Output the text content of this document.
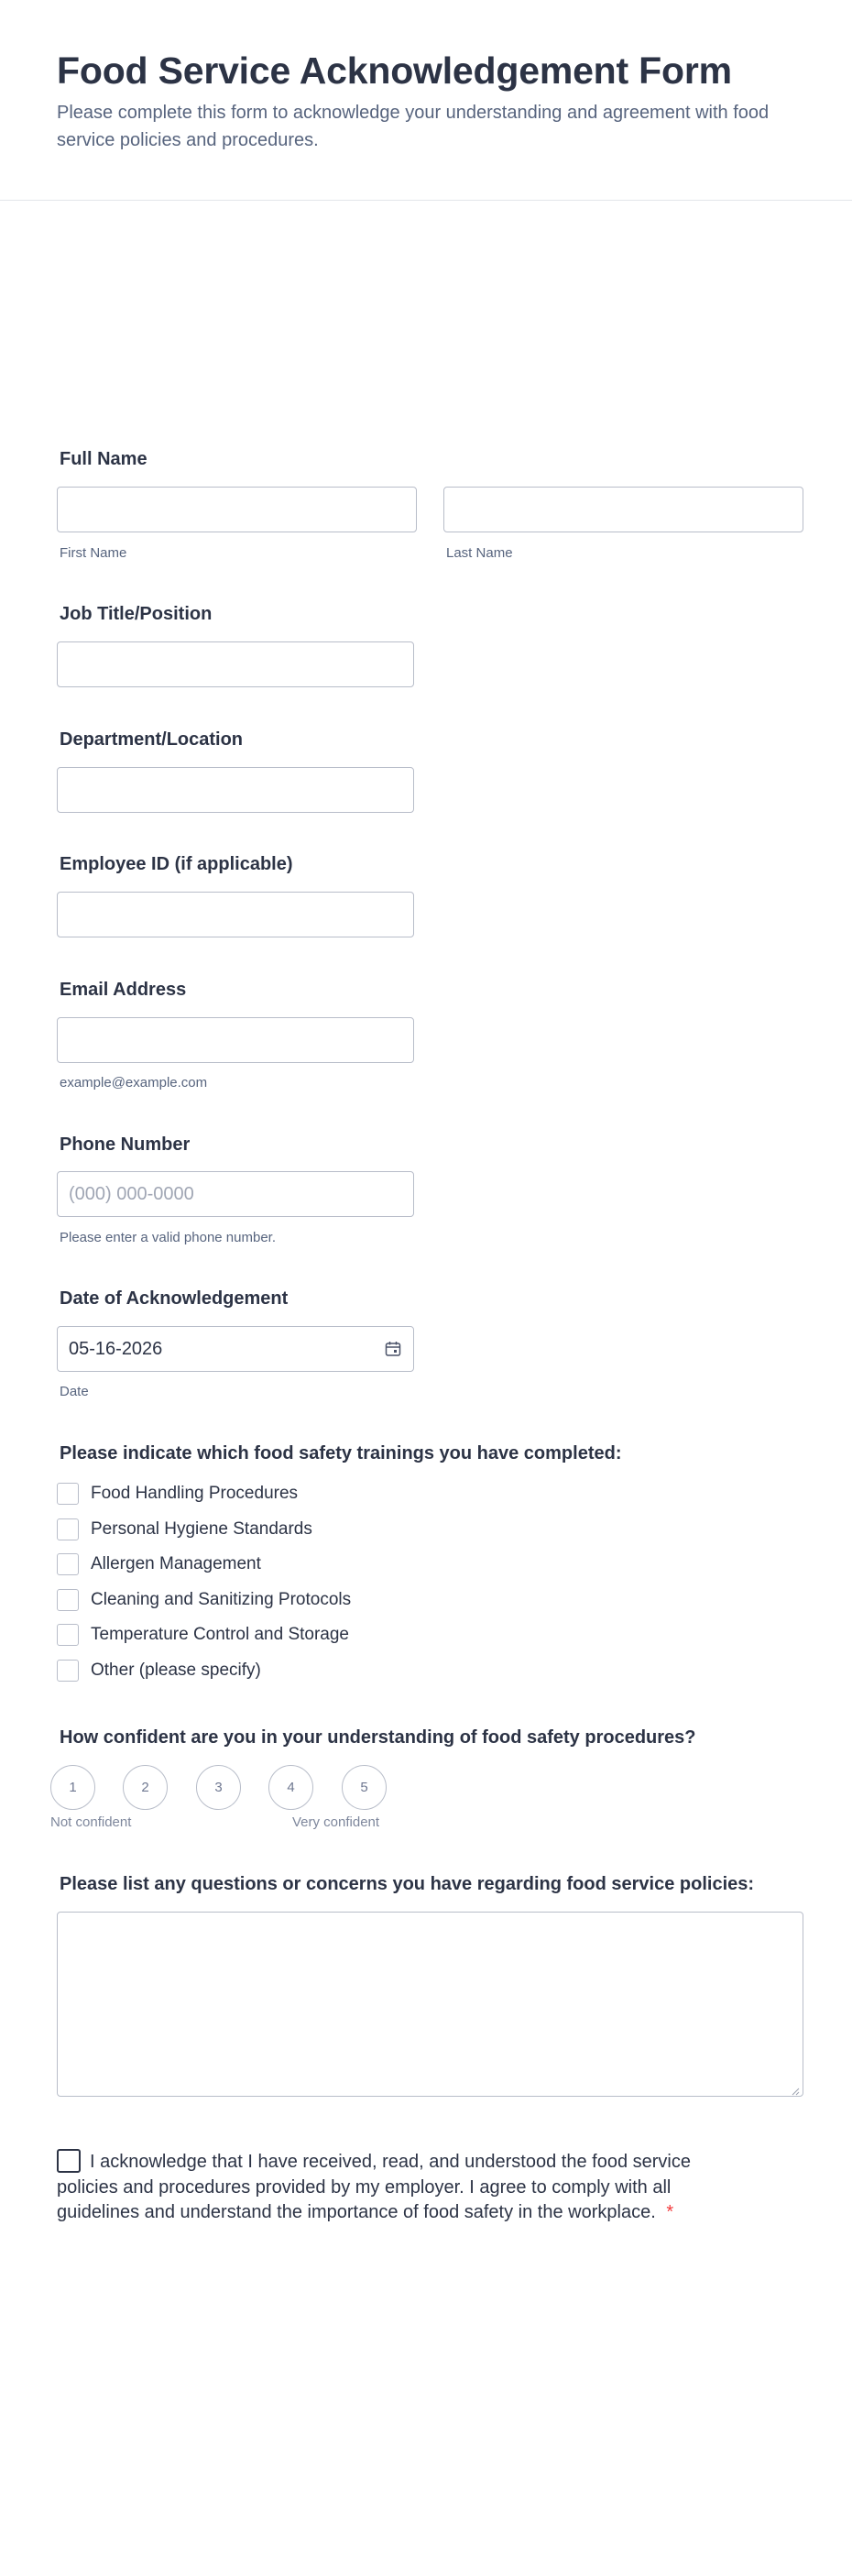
Food Service Acknowledgement Form

Please complete this form to acknowledge your understanding and agreement with food service policies and procedures.

Full Name
First Name	Last Name
Job Title/Position
Department/Location
Employee ID (if applicable)
Email Address
example@example.com
Phone Number
(000) 000-0000
Please enter a valid phone number.
Date of Acknowledgement
05-16-2026
Date
Please indicate which food safety trainings you have completed:
Food Handling Procedures
Personal Hygiene Standards
Allergen Management
Cleaning and Sanitizing Protocols
Temperature Control and Storage
Other (please specify)
How confident are you in your understanding of food safety procedures?
1	2	3	4	5
Not confident	Very confident
Please list any questions or concerns you have regarding food service policies:
I acknowledge that I have received, read, and understood the food service policies and procedures provided by my employer. I agree to comply with all guidelines and understand the importance of food safety in the workplace. *
